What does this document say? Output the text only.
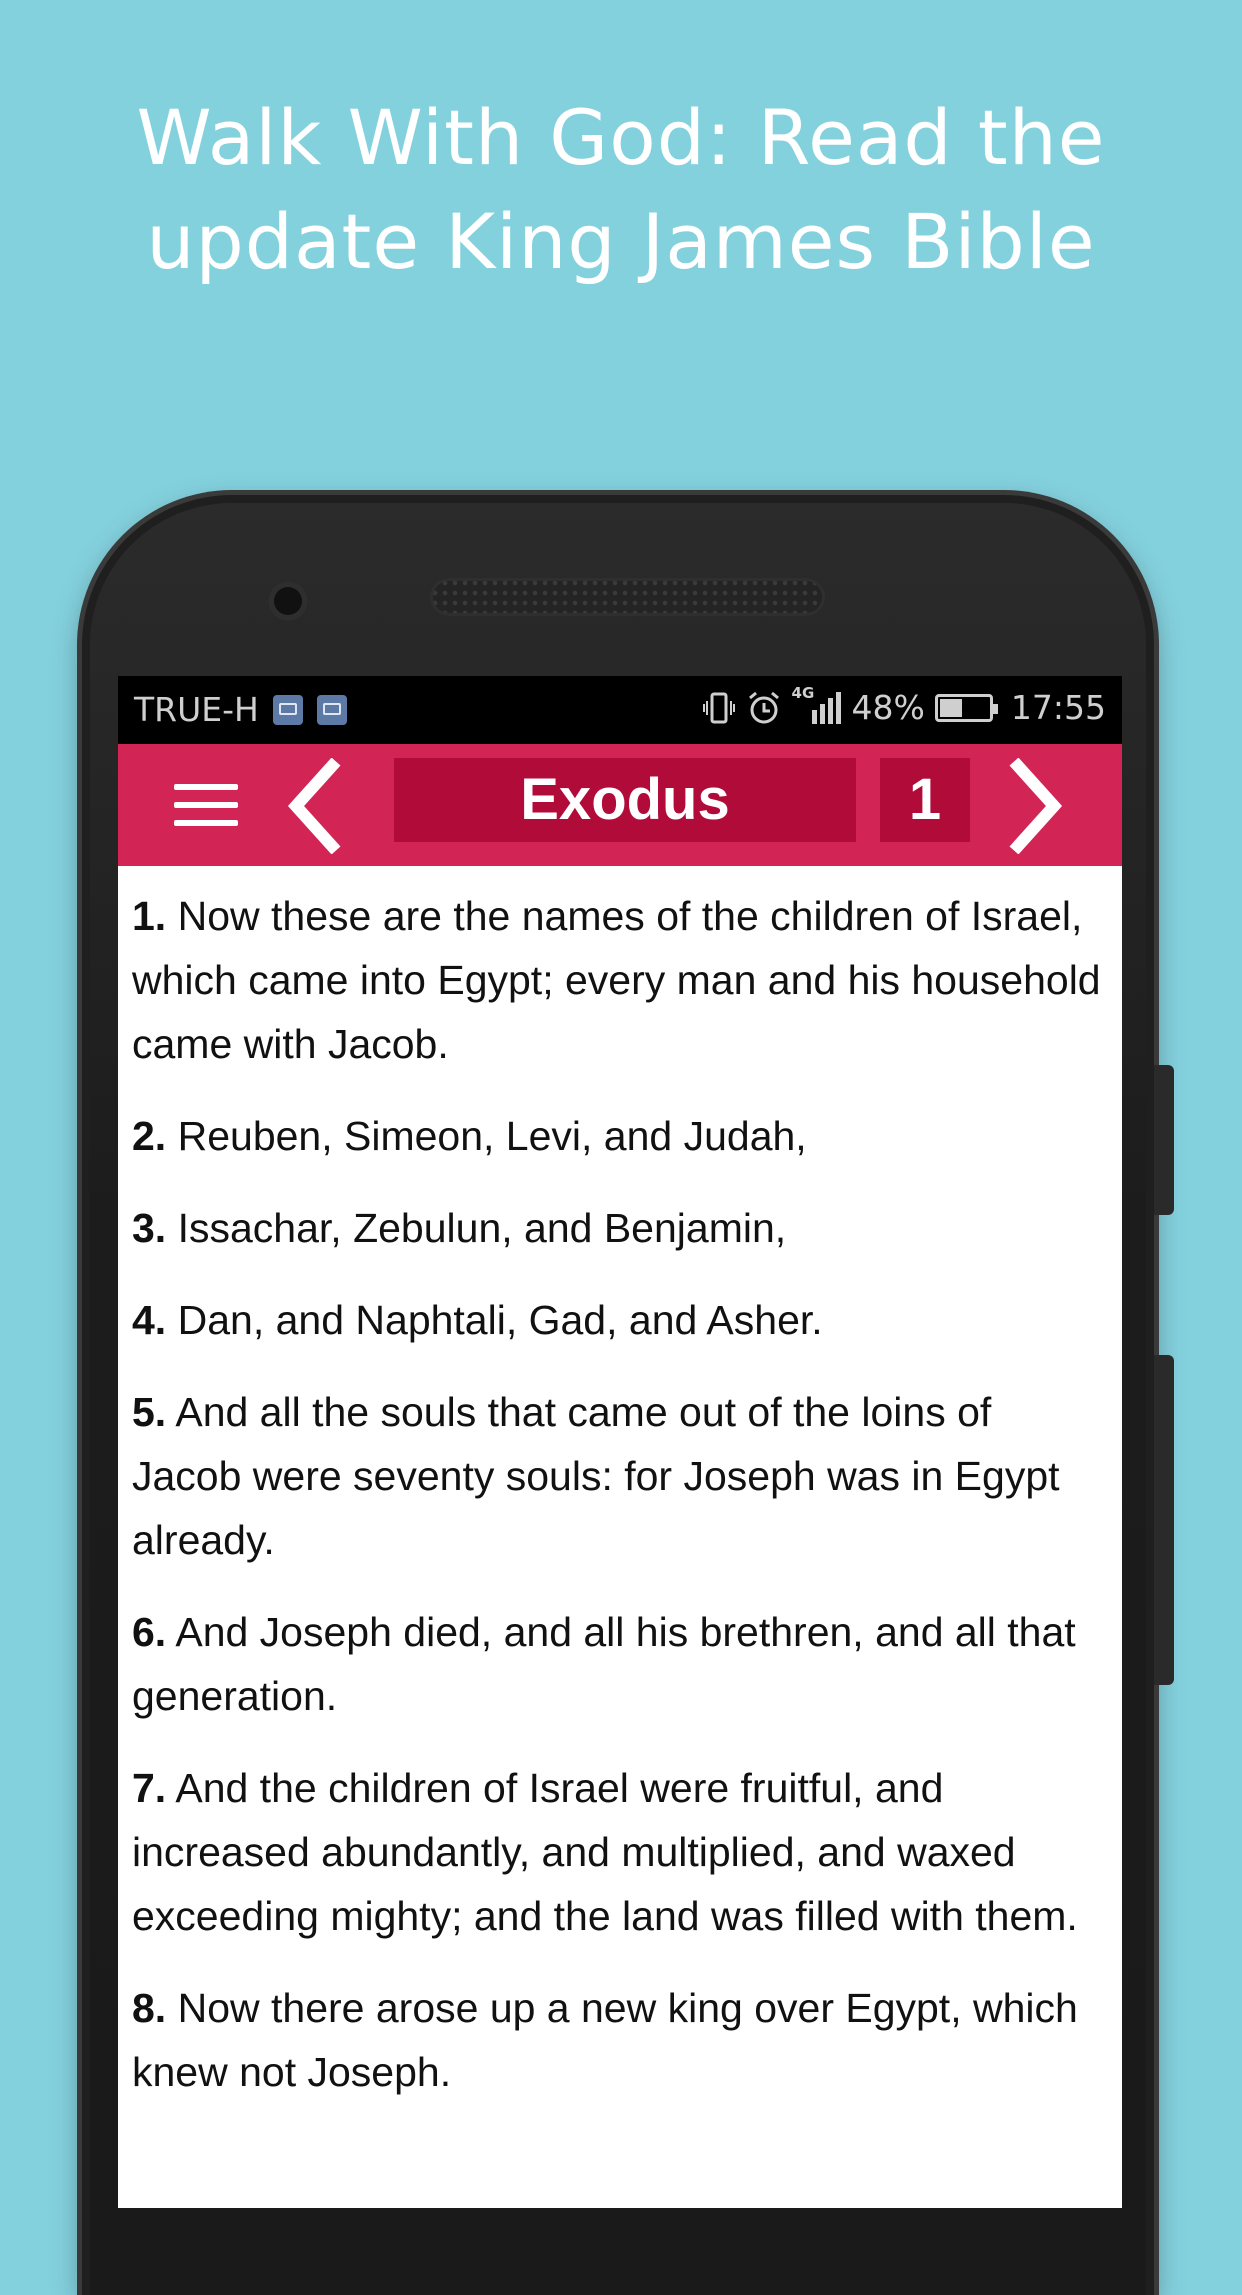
Walk With God: Read the
update King James Bible
TRUE-H	4G 48%	17:55
Exodus	1

1. Now these are the names of the children of Israel, which came into Egypt; every man and his household came with Jacob.

2. Reuben, Simeon, Levi, and Judah,

3. Issachar, Zebulun, and Benjamin,

4. Dan, and Naphtali, Gad, and Asher.

5. And all the souls that came out of the loins of Jacob were seventy souls: for Joseph was in Egypt already.

6. And Joseph died, and all his brethren, and all that generation.

7. And the children of Israel were fruitful, and increased abundantly, and multiplied, and waxed exceeding mighty; and the land was filled with them.

8. Now there arose up a new king over Egypt, which knew not Joseph.
